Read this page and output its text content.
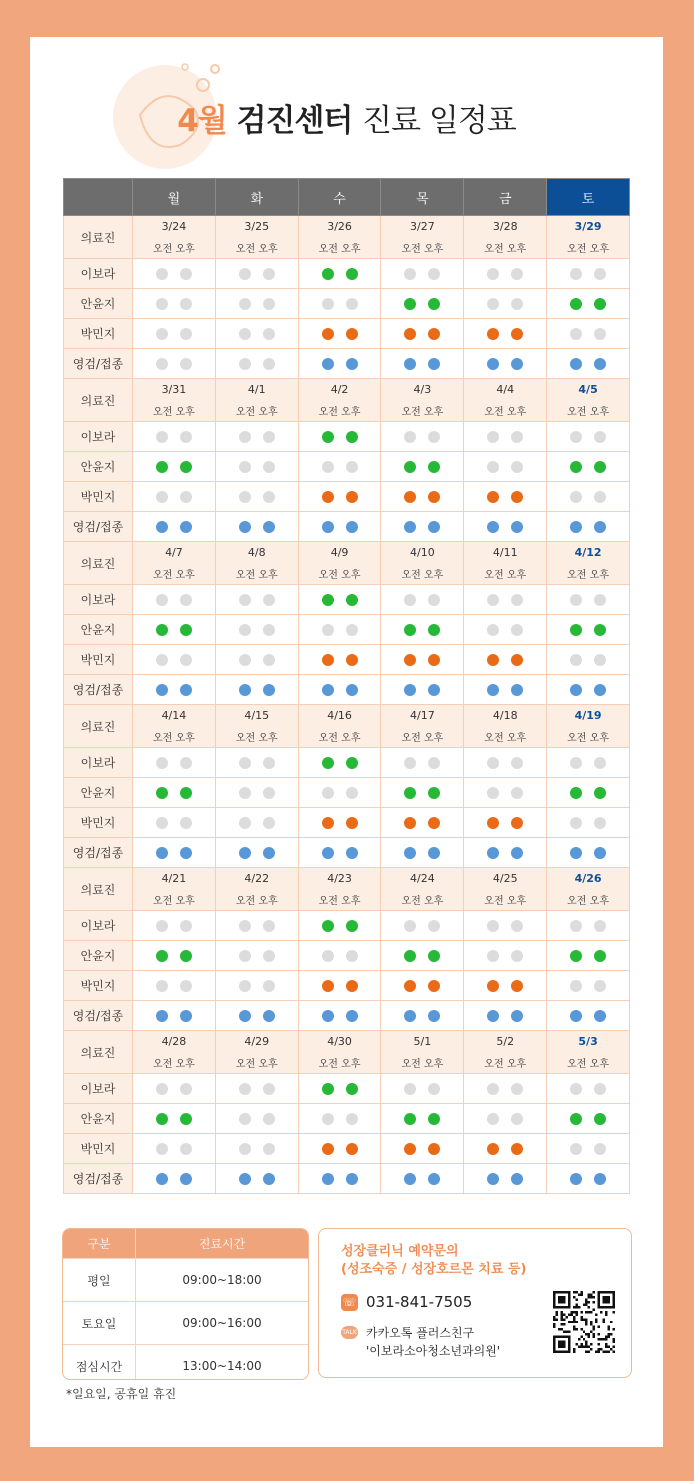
4월 검진센터 진료 일정표
	월	화	수	목	금	토
의료진	3/24	3/25	3/26	3/27	3/28	3/29
	오전 오후	오전 오후	오전 오후	오전 오후	오전 오후	오전 오후
이보라						
안윤지						
박민지						
영검/접종						
의료진	3/31	4/1	4/2	4/3	4/4	4/5
	오전 오후	오전 오후	오전 오후	오전 오후	오전 오후	오전 오후
이보라						
안윤지						
박민지						
영검/접종						
의료진	4/7	4/8	4/9	4/10	4/11	4/12
	오전 오후	오전 오후	오전 오후	오전 오후	오전 오후	오전 오후
이보라						
안윤지						
박민지						
영검/접종						
의료진	4/14	4/15	4/16	4/17	4/18	4/19
	오전 오후	오전 오후	오전 오후	오전 오후	오전 오후	오전 오후
이보라						
안윤지						
박민지						
영검/접종						
의료진	4/21	4/22	4/23	4/24	4/25	4/26
	오전 오후	오전 오후	오전 오후	오전 오후	오전 오후	오전 오후
이보라						
안윤지						
박민지						
영검/접종						
의료진	4/28	4/29	4/30	5/1	5/2	5/3
	오전 오후	오전 오후	오전 오후	오전 오후	오전 오후	오전 오후
이보라						
안윤지						
박민지						
영검/접종						
구분	진료시간
평일	09:00~18:00
토요일	09:00~16:00
점심시간	13:00~14:00
성장클리닉 예약문의
(성조숙증 / 성장호르몬 치료 등)
☏ 031-841-7505
TALK 카카오톡 플러스친구
'이보라소아청소년과의원'
*일요일, 공휴일 휴진
